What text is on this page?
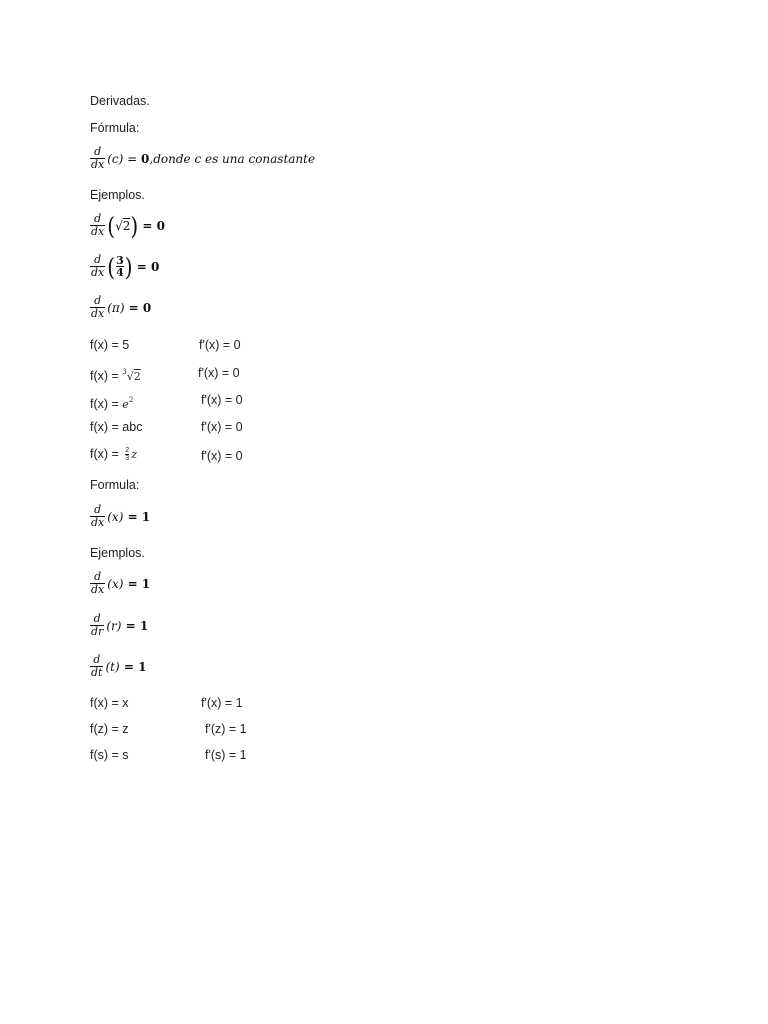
Derivadas.
Fórmula:
$\frac{d}{dx} (c) = 0$ ,donde c es una conastante
Ejemplos.
$\frac{d}{dx}$ ( √2 ) = 0
$\frac{d}{dx}$ ( $\frac{3}{4}$ ) = 0
$\frac{d}{dx} (\pi) = 0$
f(x) = 5	f'(x) = 0
f(x) = $^3$√2	f'(x) = 0
$f(x) = e^2$	f'(x) = 0
f(x) = abc	f'(x) = 0
$f(x) = \frac{2}{3}$ z	f'(x) = 0
Formula:
$\frac{d}{dx} (x) = 1$
Ejemplos.
$\frac{d}{dx} (x) = 1$
$\frac{d}{dr} (r) = 1$
$\frac{d}{dt} (t) = 1$
f(x) = x	f'(x) = 1
f(z) = z	f'(z) = 1
f(s) = s	f'(s) = 1
